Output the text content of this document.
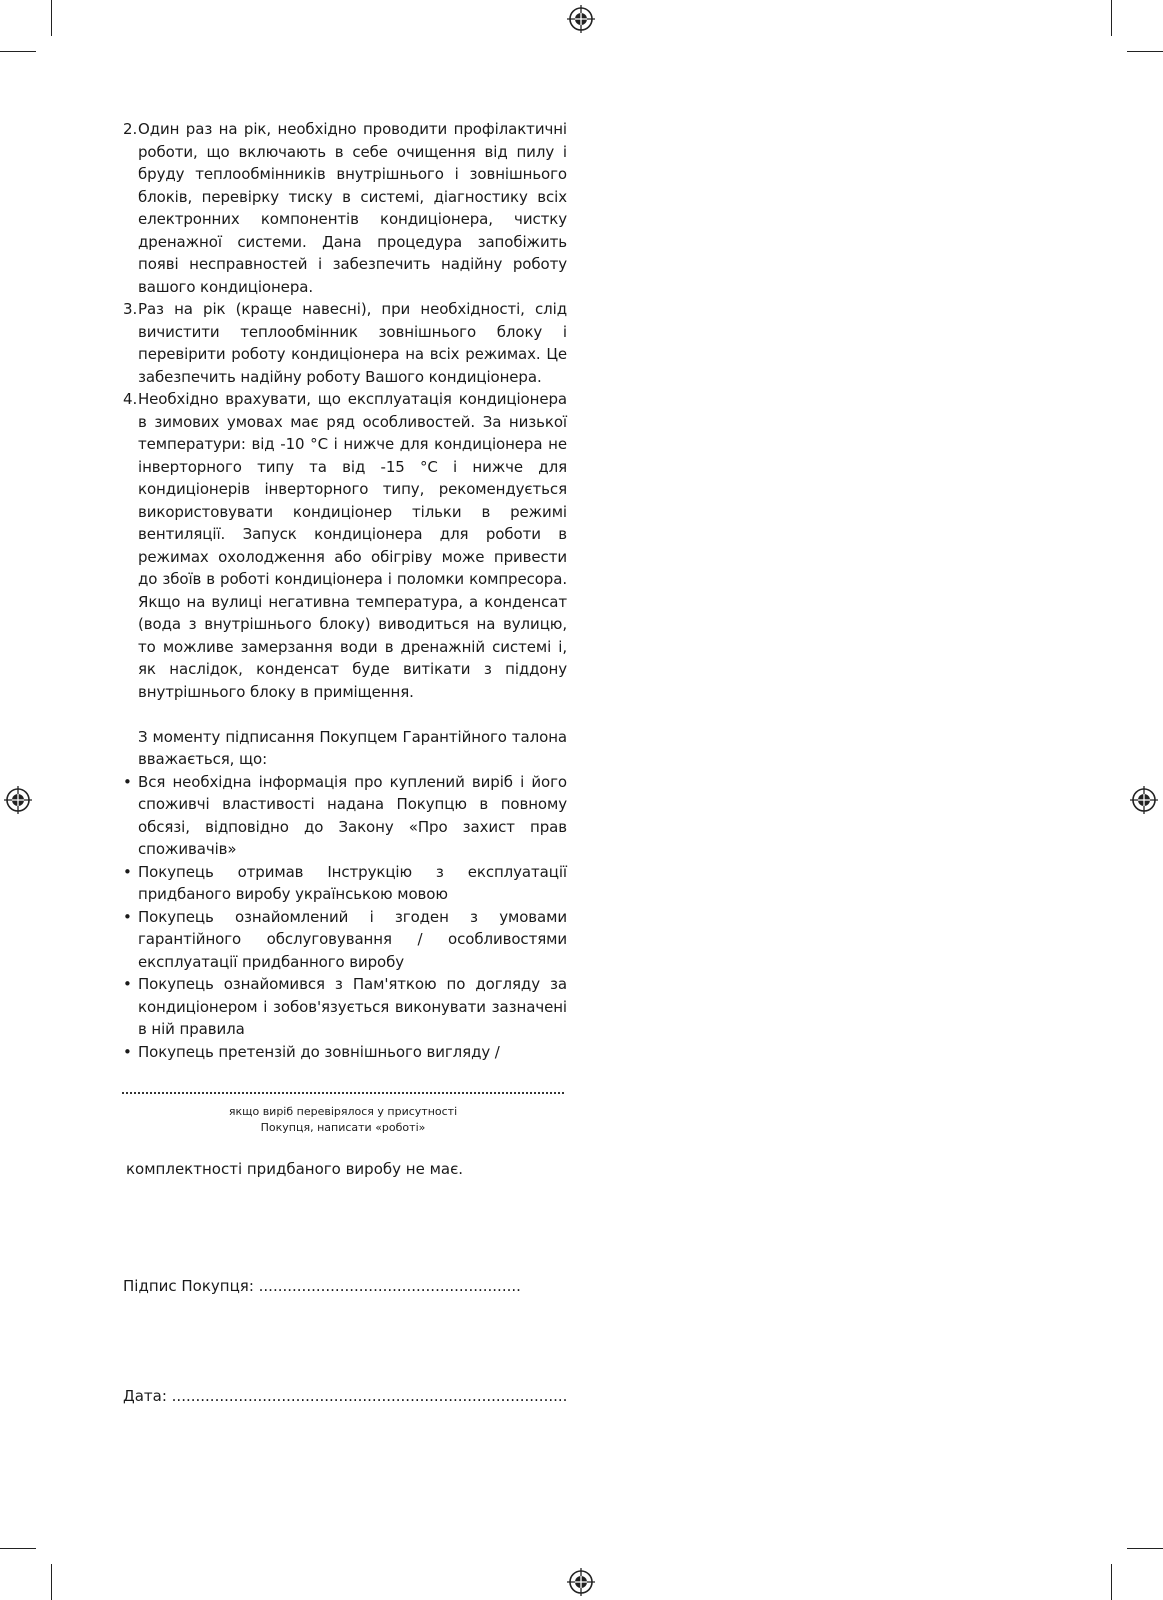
2. Один раз на рік, необхідно проводити профілактичні роботи, що включають в себе очищення від пилу і бруду теплообмінників внутрішнього і зовнішнього блоків, перевірку тиску в системі, діагностику всіх електронних компонентів кондиціонера, чистку дренажної системи. Дана процедура запобіжить появі несправностей і забезпечить надійну роботу вашого кондиціонера.
3. Раз на рік (краще навесні), при необхідності, слід вичистити теплообмінник зовнішнього блоку і перевірити роботу кондиціонера на всіх режимах. Це забезпечить надійну роботу Вашого кондиціонера.
4. Необхідно врахувати, що експлуатація кондиціонера в зимових умовах має ряд особливостей. За низької температури: від -10 °С і нижче для кондиціонера не інверторного типу та від -15 °С і нижче для кондиціонерів інверторного типу, рекомендується використовувати кондиціонер тільки в режимі вентиляції. Запуск кондиціонера для роботи в режимах охолодження або обігріву може привести до збоїв в роботі кондиціонера і поломки компресора. Якщо на вулиці негативна температура, а конденсат (вода з внутрішнього блоку) виводиться на вулицю, то можливе замерзання води в дренажній системі і, як наслідок, конденсат буде витікати з піддону внутрішнього блоку в приміщення.
З моменту підписання Покупцем Гарантійного талона вважається, що:
• Вся необхідна інформація про куплений виріб і його споживчі властивості надана Покупцю в повному обсязі, відповідно до Закону «Про захист прав споживачів»
• Покупець отримав Інструкцію з експлуатації придбаного виробу українською мовою
• Покупець ознайомлений і згоден з умовами гарантійного обслуговування / особливостями експлуатації придбанного виробу
• Покупець ознайомився з Пам'яткою по догляду за кондиціонером і зобов'язується виконувати зазначені в ній правила
• Покупець претензій до зовнішнього вигляду /
якщо виріб перевірялося у присутності
Покупця, написати «роботі»
комплектності придбаного виробу не має.
Підпис Покупця: .......................................................
Дата: ...................................................................................
